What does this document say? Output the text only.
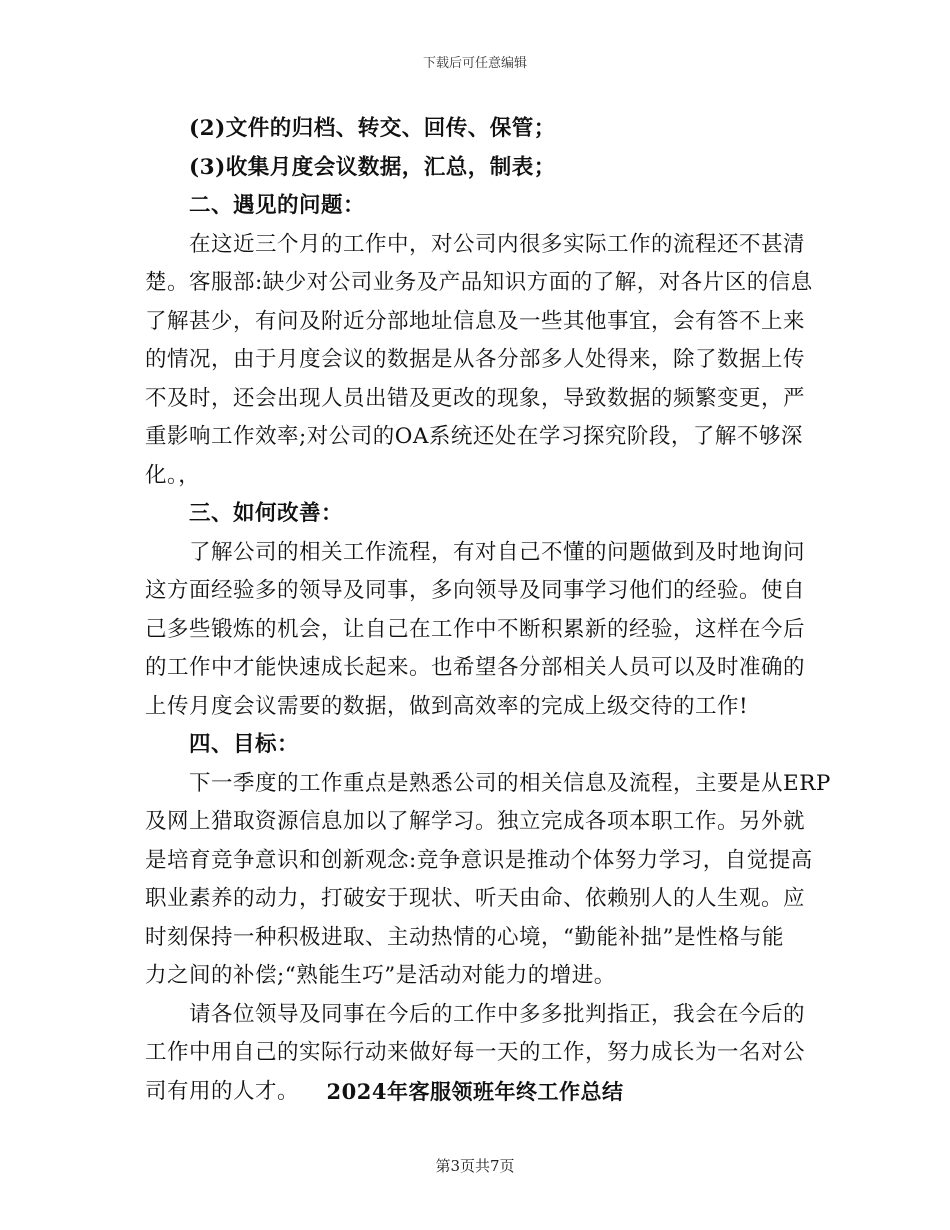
下载后可任意编辑
(2)文件的归档、转交、回传、保管；
(3)收集月度会议数据，汇总，制表；
二、遇见的问题：
在这近三个月的工作中，对公司内很多实际工作的流程还不甚清
楚。客服部:缺少对公司业务及产品知识方面的了解，对各片区的信息
了解甚少，有问及附近分部地址信息及一些其他事宜，会有答不上来
的情况，由于月度会议的数据是从各分部多人处得来，除了数据上传
不及时，还会出现人员出错及更改的现象，导致数据的频繁变更，严
重影响工作效率;对公司的OA系统还处在学习探究阶段，了解不够深
化。，
三、如何改善：
了解公司的相关工作流程，有对自己不懂的问题做到及时地询问
这方面经验多的领导及同事，多向领导及同事学习他们的经验。使自
己多些锻炼的机会，让自己在工作中不断积累新的经验，这样在今后
的工作中才能快速成长起来。也希望各分部相关人员可以及时准确的
上传月度会议需要的数据，做到高效率的完成上级交待的工作!
四、目标：
下一季度的工作重点是熟悉公司的相关信息及流程，主要是从ERP
及网上猎取资源信息加以了解学习。独立完成各项本职工作。另外就
是培育竞争意识和创新观念:竞争意识是推动个体努力学习，自觉提高
职业素养的动力，打破安于现状、听天由命、依赖别人的人生观。应
时刻保持一种积极进取、主动热情的心境，“勤能补拙”是性格与能
力之间的补偿;“熟能生巧”是活动对能力的增进。
请各位领导及同事在今后的工作中多多批判指正，我会在今后的
工作中用自己的实际行动来做好每一天的工作，努力成长为一名对公
司有用的人才。	2024年客服领班年终工作总结
第3页共7页
